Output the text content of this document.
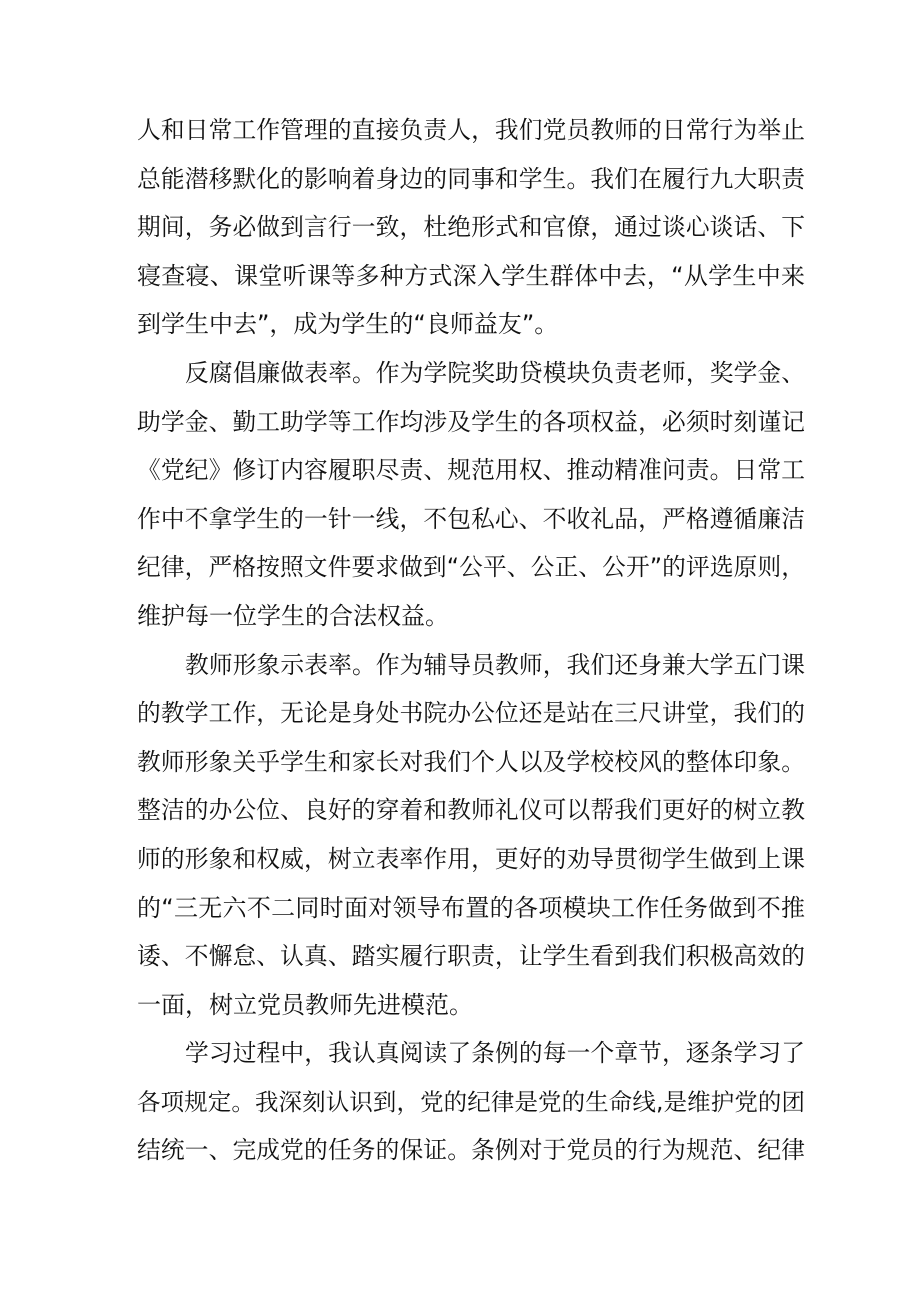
人和日常工作管理的直接负责人，我们党员教师的日常行为举止
总能潜移默化的影响着身边的同事和学生。我们在履行九大职责
期间，务必做到言行一致，杜绝形式和官僚，通过谈心谈话、下
寝查寝、课堂听课等多种方式深入学生群体中去，“从学生中来
到学生中去”，成为学生的“良师益友”。
反腐倡廉做表率。作为学院奖助贷模块负责老师，奖学金、
助学金、勤工助学等工作均涉及学生的各项权益，必须时刻谨记
《党纪》修订内容履职尽责、规范用权、推动精准问责。日常工
作中不拿学生的一针一线，不包私心、不收礼品，严格遵循廉洁
纪律，严格按照文件要求做到“公平、公正、公开”的评选原则，
维护每一位学生的合法权益。
教师形象示表率。作为辅导员教师，我们还身兼大学五门课
的教学工作，无论是身处书院办公位还是站在三尺讲堂，我们的
教师形象关乎学生和家长对我们个人以及学校校风的整体印象。
整洁的办公位、良好的穿着和教师礼仪可以帮我们更好的树立教
师的形象和权威，树立表率作用，更好的劝导贯彻学生做到上课
的“三无六不二同时面对领导布置的各项模块工作任务做到不推
诿、不懈怠、认真、踏实履行职责，让学生看到我们积极高效的
一面，树立党员教师先进模范。
学习过程中，我认真阅读了条例的每一个章节，逐条学习了
各项规定。我深刻认识到，党的纪律是党的生命线,是维护党的团
结统一、完成党的任务的保证。条例对于党员的行为规范、纪律
